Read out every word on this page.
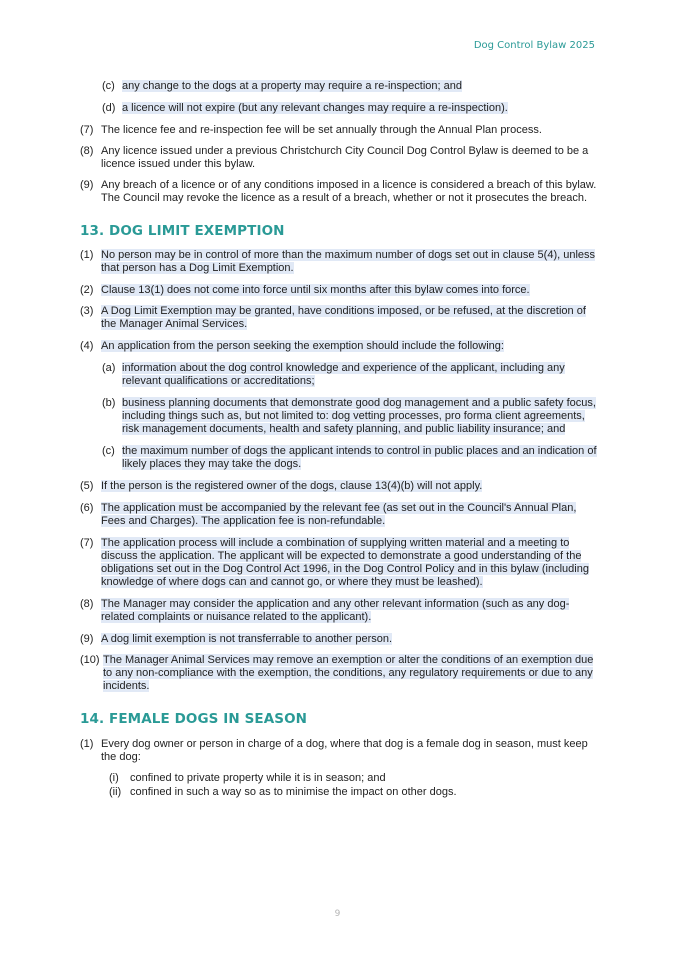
Dog Control Bylaw 2025
(c) any change to the dogs at a property may require a re-inspection; and
(d) a licence will not expire (but any relevant changes may require a re-inspection).
(7) The licence fee and re-inspection fee will be set annually through the Annual Plan process.
(8) Any licence issued under a previous Christchurch City Council Dog Control Bylaw is deemed to be a licence issued under this bylaw.
(9) Any breach of a licence or of any conditions imposed in a licence is considered a breach of this bylaw. The Council may revoke the licence as a result of a breach, whether or not it prosecutes the breach.
13. DOG LIMIT EXEMPTION
(1) No person may be in control of more than the maximum number of dogs set out in clause 5(4), unless that person has a Dog Limit Exemption.
(2) Clause 13(1) does not come into force until six months after this bylaw comes into force.
(3) A Dog Limit Exemption may be granted, have conditions imposed, or be refused, at the discretion of the Manager Animal Services.
(4) An application from the person seeking the exemption should include the following:
(a) information about the dog control knowledge and experience of the applicant, including any relevant qualifications or accreditations;
(b) business planning documents that demonstrate good dog management and a public safety focus, including things such as, but not limited to: dog vetting processes, pro forma client agreements, risk management documents, health and safety planning, and public liability insurance; and
(c) the maximum number of dogs the applicant intends to control in public places and an indication of likely places they may take the dogs.
(5) If the person is the registered owner of the dogs, clause 13(4)(b) will not apply.
(6) The application must be accompanied by the relevant fee (as set out in the Council's Annual Plan, Fees and Charges). The application fee is non-refundable.
(7) The application process will include a combination of supplying written material and a meeting to discuss the application. The applicant will be expected to demonstrate a good understanding of the obligations set out in the Dog Control Act 1996, in the Dog Control Policy and in this bylaw (including knowledge of where dogs can and cannot go, or where they must be leashed).
(8) The Manager may consider the application and any other relevant information (such as any dog-related complaints or nuisance related to the applicant).
(9) A dog limit exemption is not transferrable to another person.
(10) The Manager Animal Services may remove an exemption or alter the conditions of an exemption due to any non-compliance with the exemption, the conditions, any regulatory requirements or due to any incidents.
14. FEMALE DOGS IN SEASON
(1) Every dog owner or person in charge of a dog, where that dog is a female dog in season, must keep the dog:
(i) confined to private property while it is in season; and
(ii) confined in such a way so as to minimise the impact on other dogs.
9
